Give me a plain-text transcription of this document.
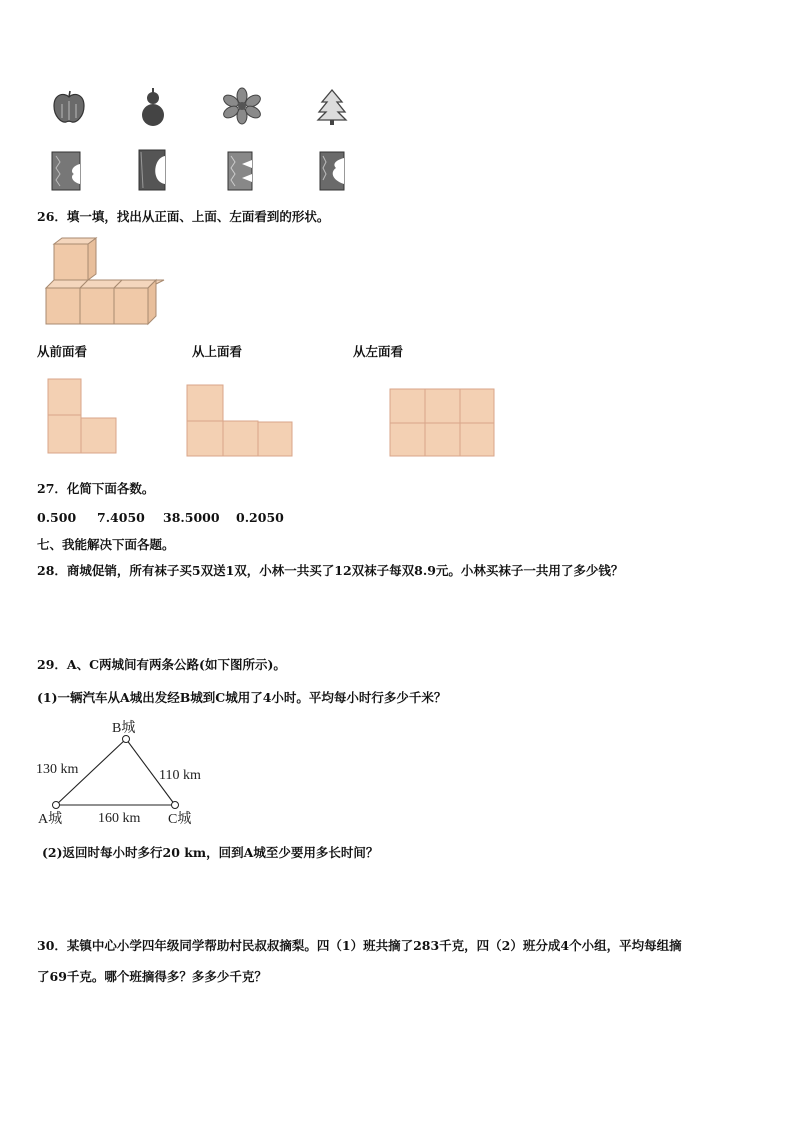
26．填一填，找出从正面、上面、左面看到的形状。
从前面看	从上面看	从左面看
27．化简下面各数。
0.500 7.4050 38.5000 0.2050
七、我能解决下面各题。
28．商城促销，所有袜子买5双送1双，小林一共买了12双袜子每双8.9元。小林买袜子一共用了多少钱？
29．A、C两城间有两条公路(如下图所示)。
(1)一辆汽车从A城出发经B城到C城用了4小时。平均每小时行多少千米？
B城
A城	C城
130 km	110 km
160 km
(2)返回时每小时多行20 km，回到A城至少要用多长时间？
30．某镇中心小学四年级同学帮助村民叔叔摘梨。四（1）班共摘了283千克，四（2）班分成4个小组，平均每组摘
了69千克。哪个班摘得多？多多少千克？
